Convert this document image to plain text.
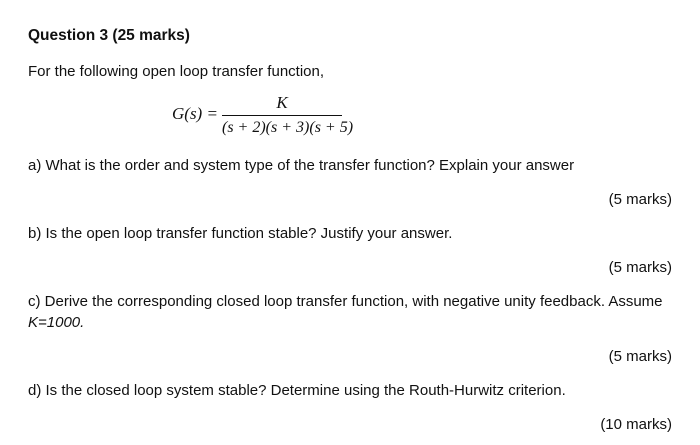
Question 3 (25 marks)
For the following open loop transfer function,
G(s) =
K
(s + 2)(s + 3)(s + 5)
a) What is the order and system type of the transfer function? Explain your answer
(5 marks)
b) Is the open loop transfer function stable? Justify your answer.
(5 marks)
c) Derive the corresponding closed loop transfer function, with negative unity feedback. Assume
K=1000.
(5 marks)
d) Is the closed loop system stable? Determine using the Routh-Hurwitz criterion.
(10 marks)
